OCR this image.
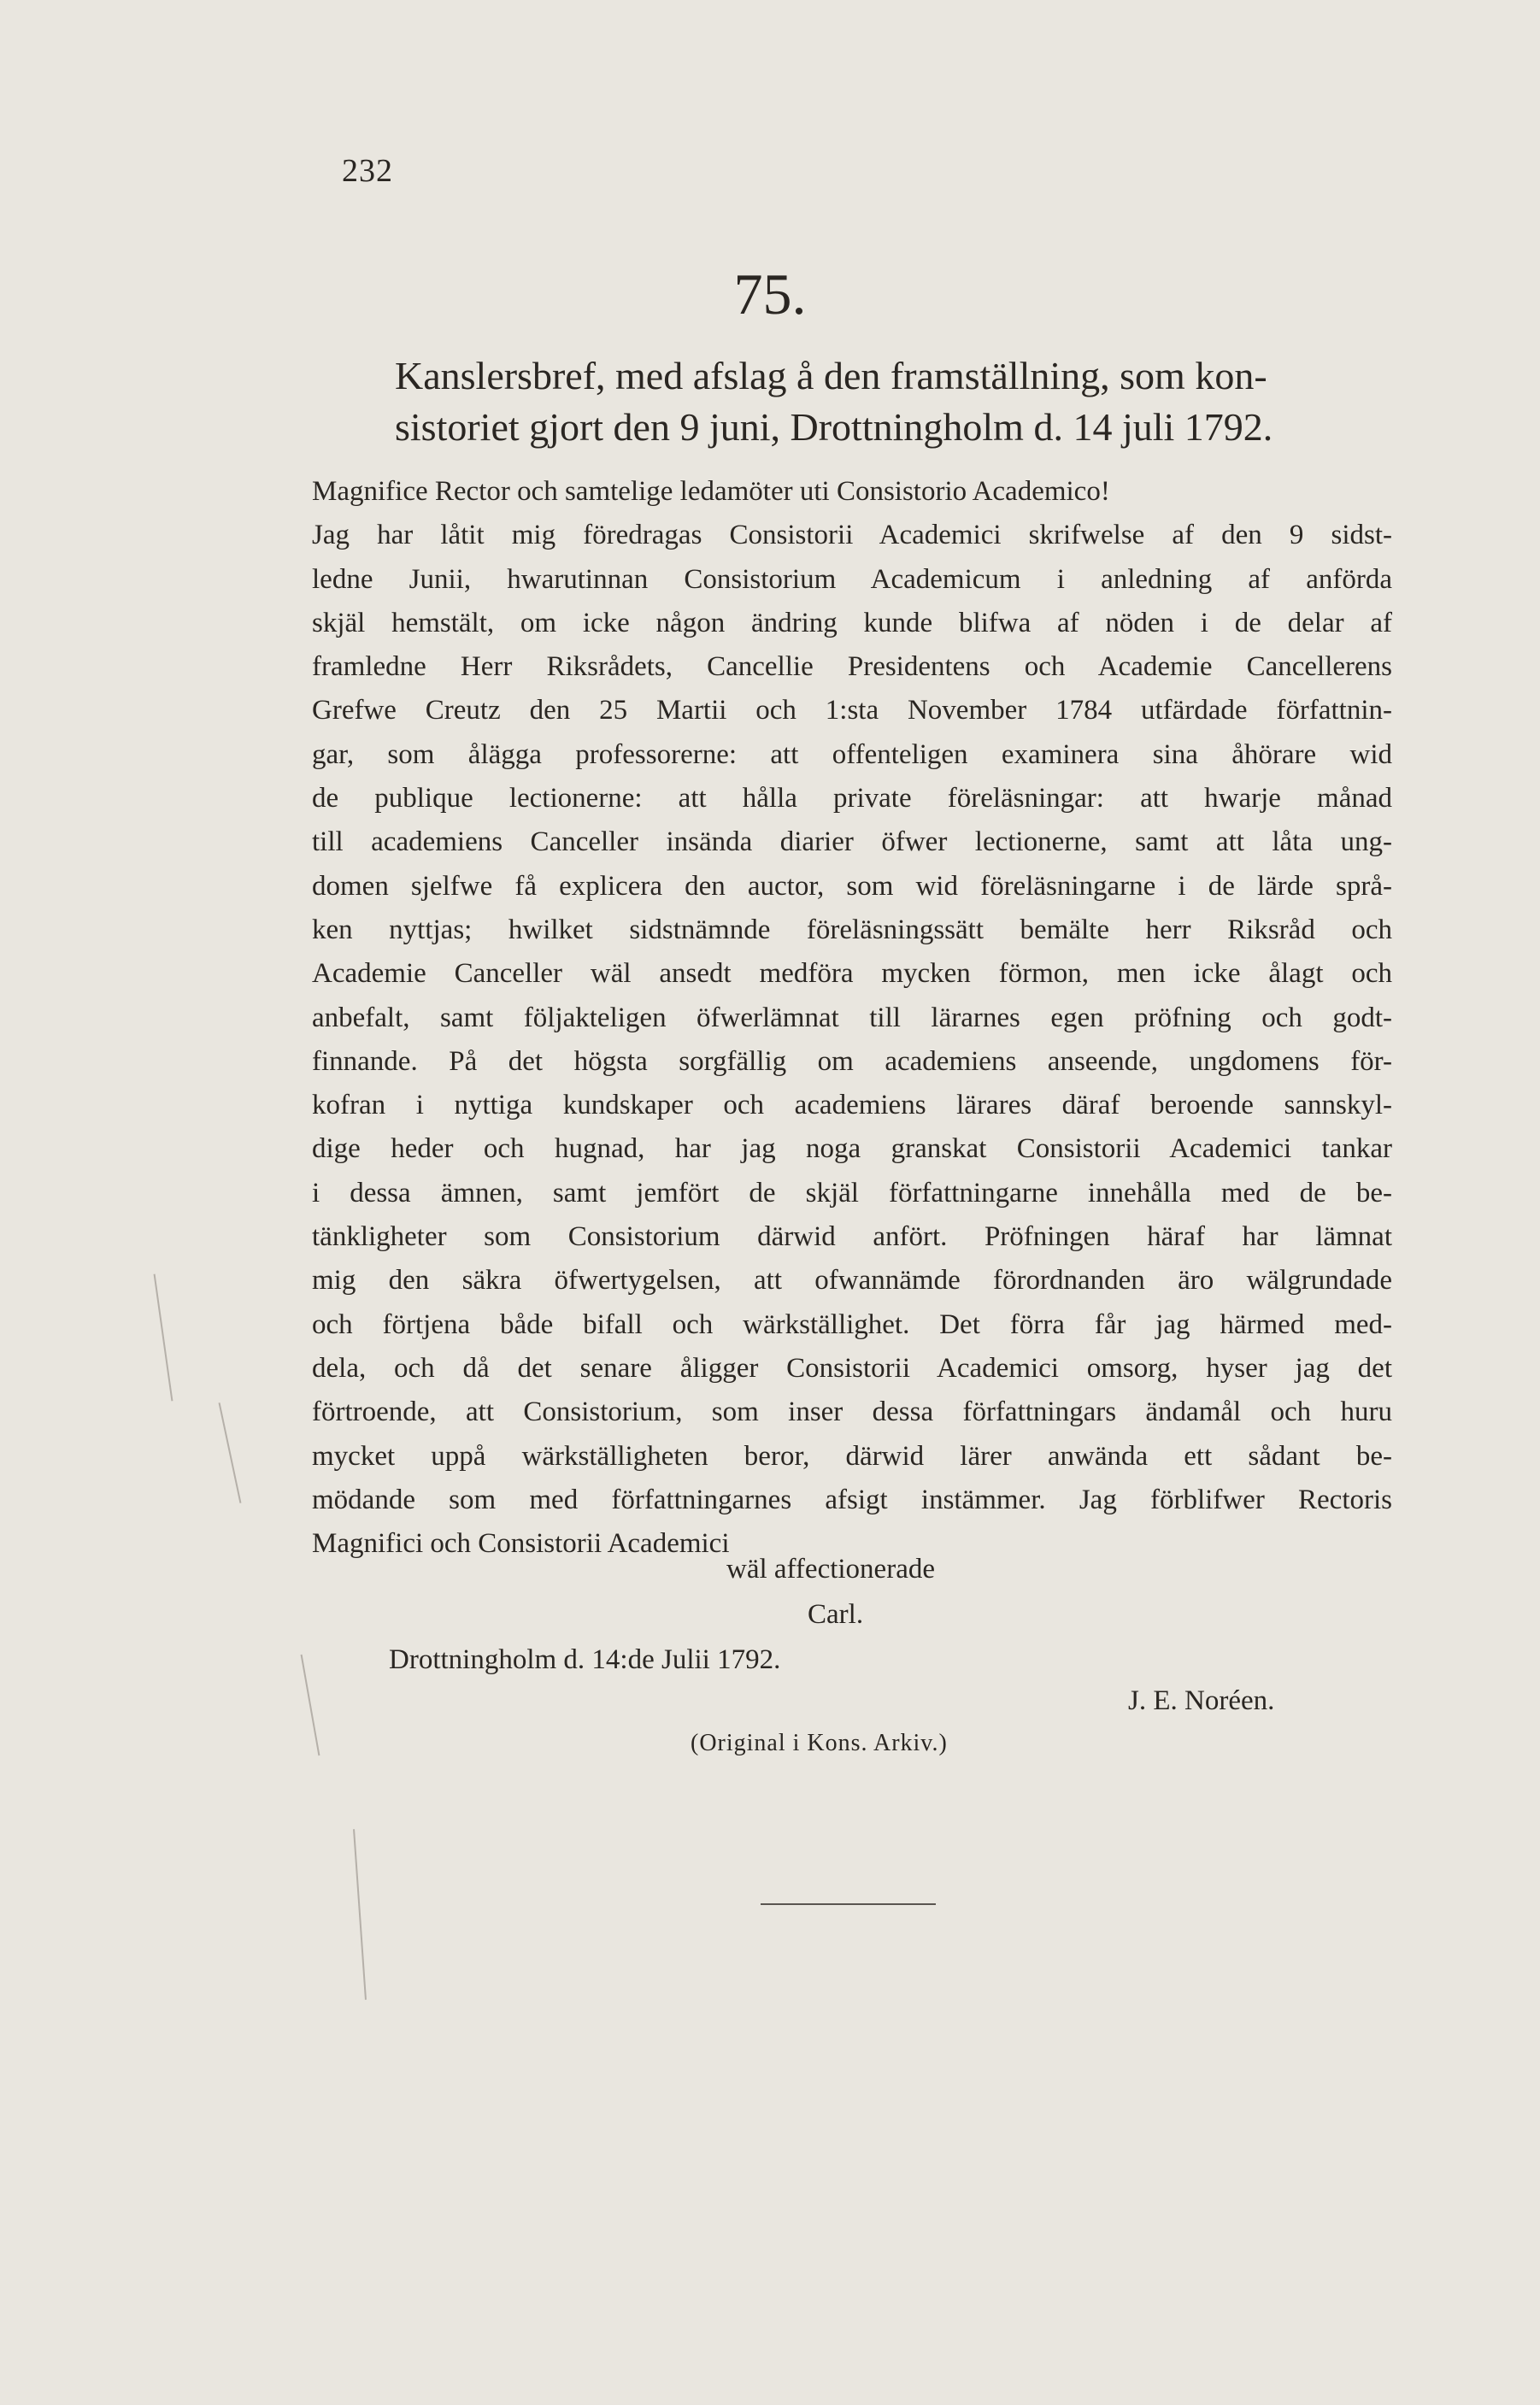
232
75.

Kanslersbref, med afslag å den framställning, som kon-

sistoriet gjort den 9 juni, Drottningholm d. 14 juli 1792.

Magnifice Rector och samtelige ledamöter uti Consistorio Academico!
Jag har låtit mig föredragas Consistorii Academici skrifwelse af den 9 sidst-
ledne Junii, hwarutinnan Consistorium Academicum i anledning af anförda
skjäl hemstält, om icke någon ändring kunde blifwa af nöden i de delar af
framledne Herr Riksrådets, Cancellie Presidentens och Academie Cancellerens
Grefwe Creutz den 25 Martii och 1:sta November 1784 utfärdade författnin-
gar, som ålägga professorerne: att offenteligen examinera sina åhörare wid
de publique lectionerne: att hålla private föreläsningar: att hwarje månad
till academiens Canceller insända diarier öfwer lectionerne, samt att låta ung-
domen sjelfwe få explicera den auctor, som wid föreläsningarne i de lärde språ-
ken nyttjas; hwilket sidstnämnde föreläsningssätt bemälte herr Riksråd och
Academie Canceller wäl ansedt medföra mycken förmon, men icke ålagt och
anbefalt, samt följakteligen öfwerlämnat till lärarnes egen pröfning och godt-
finnande. På det högsta sorgfällig om academiens anseende, ungdomens för-
kofran i nyttiga kundskaper och academiens lärares däraf beroende sannskyl-
dige heder och hugnad, har jag noga granskat Consistorii Academici tankar
i dessa ämnen, samt jemfört de skjäl författningarne innehålla med de be-
tänkligheter som Consistorium därwid anfört. Pröfningen häraf har lämnat
mig den säkra öfwertygelsen, att ofwannämde förordnanden äro wälgrundade
och förtjena både bifall och wärkställighet. Det förra får jag härmed med-
dela, och då det senare åligger Consistorii Academici omsorg, hyser jag det
förtroende, att Consistorium, som inser dessa författningars ändamål och huru
mycket uppå wärkställigheten beror, därwid lärer anwända ett sådant be-
mödande som med författningarnes afsigt instämmer. Jag förblifwer Rectoris
Magnifici och Consistorii Academici
wäl affectionerade
Carl.
Drottningholm d. 14:de Julii 1792.
J. E. Noréen.
(Original i Kons. Arkiv.)
